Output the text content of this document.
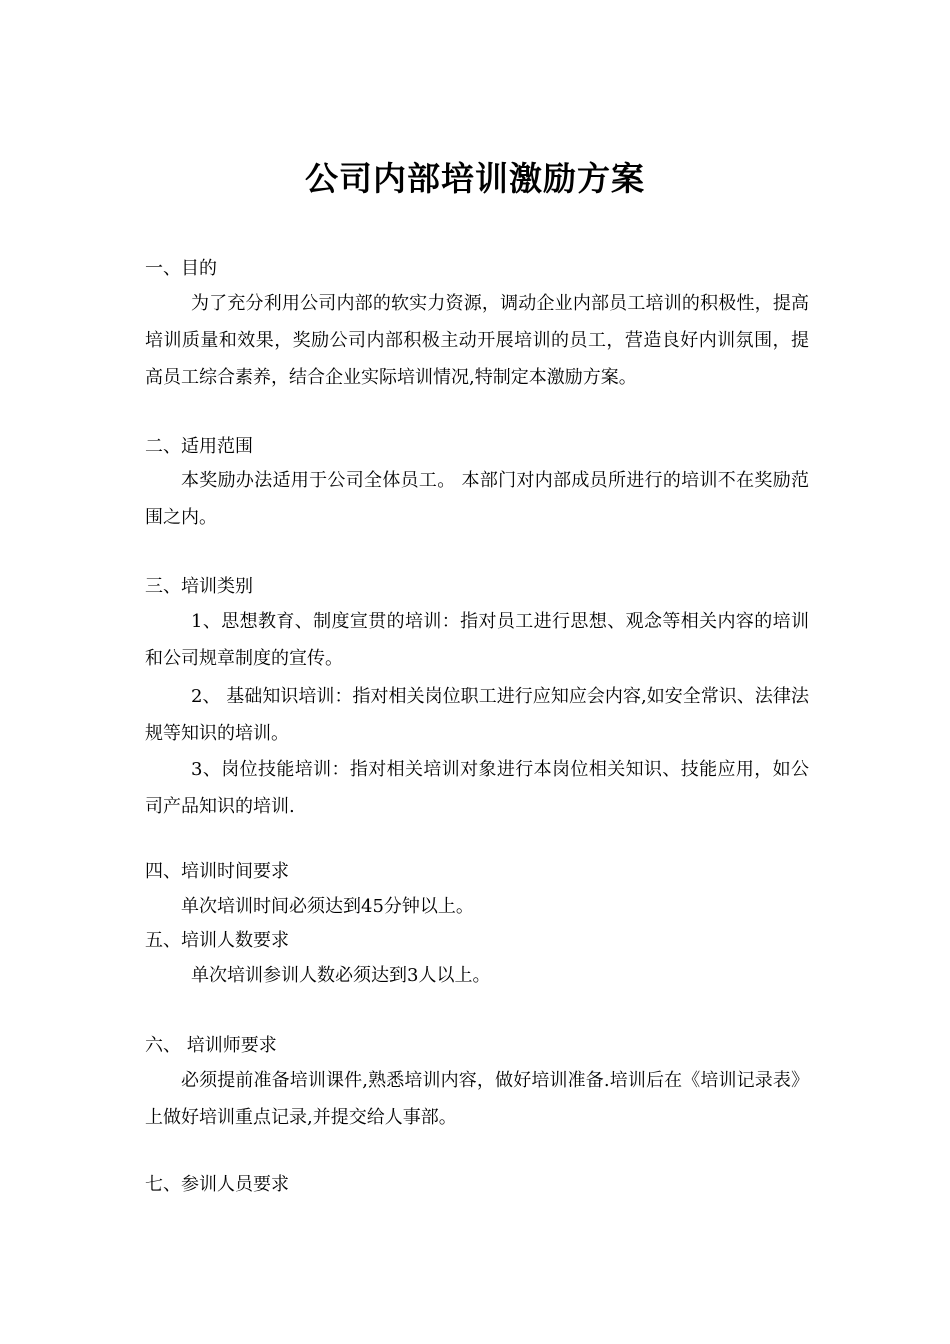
公司内部培训激励方案

一、目的

为了充分利用公司内部的软实力资源，调动企业内部员工培训的积极性，提高培训质量和效果，奖励公司内部积极主动开展培训的员工，营造良好内训氛围，提高员工综合素养，结合企业实际培训情况,特制定本激励方案。

二、适用范围

本奖励办法适用于公司全体员工。 本部门对内部成员所进行的培训不在奖励范围之内。

三、培训类别

1、思想教育、制度宣贯的培训：指对员工进行思想、观念等相关内容的培训和公司规章制度的宣传。

2、 基础知识培训：指对相关岗位职工进行应知应会内容,如安全常识、法律法规等知识的培训。

3、岗位技能培训：指对相关培训对象进行本岗位相关知识、技能应用，如公司产品知识的培训.

四、培训时间要求

单次培训时间必须达到45分钟以上。

五、培训人数要求

单次培训参训人数必须达到3人以上。

六、 培训师要求

必须提前准备培训课件,熟悉培训内容，做好培训准备.培训后在《培训记录表》上做好培训重点记录,并提交给人事部。

七、参训人员要求
